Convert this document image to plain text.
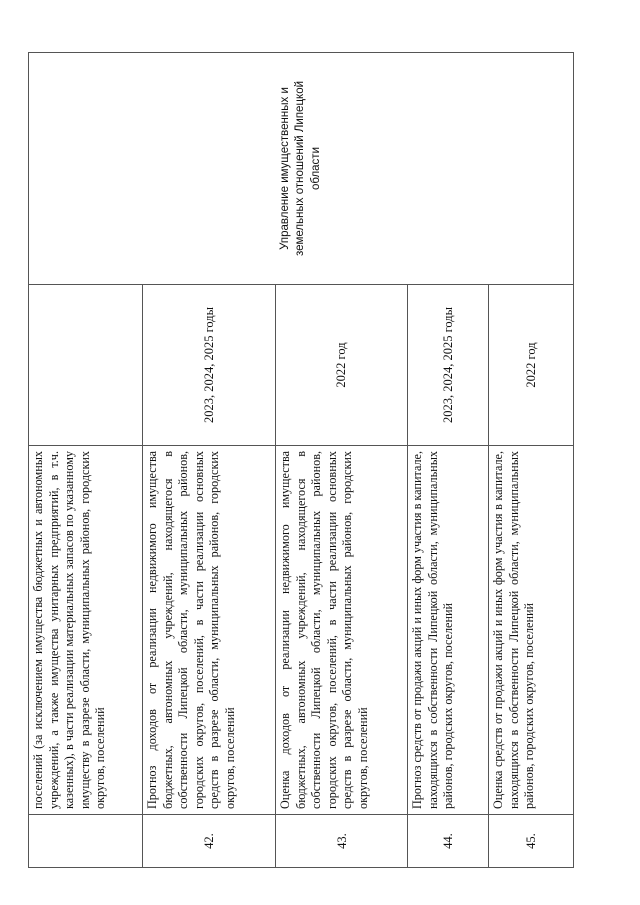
	поселений (за исключением имущества бюджетных и автономных учреждений, а также имущества унитарных предприятий, в т.ч. казенных), в части реализации материальных запасов по указанному имуществу в разрезе области, муниципальных районов, городских округов, поселений		Управление имущественных и земельных отношений Липецкой области
42.	Прогноз доходов от реализации недвижимого имущества бюджетных, автономных учреждений, находящегося в собственности Липецкой области, муниципальных районов, городских округов, поселений, в части реализации основных средств в разрезе области, муниципальных районов, городских округов, поселений	2023, 2024, 2025 годы	
43.	Оценка доходов от реализации недвижимого имущества бюджетных, автономных учреждений, находящегося в собственности Липецкой области, муниципальных районов, городских округов, поселений, в части реализации основных средств в разрезе области, муниципальных районов, городских округов, поселений	2022 год	
44.	Прогноз средств от продажи акций и иных форм участия в капитале, находящихся в собственности Липецкой области, муниципальных районов, городских округов, поселений	2023, 2024, 2025 годы	
45.	Оценка средств от продажи акций и иных форм участия в капитале, находящихся в собственности Липецкой области, муниципальных районов, городских округов, поселений	2022 год	
